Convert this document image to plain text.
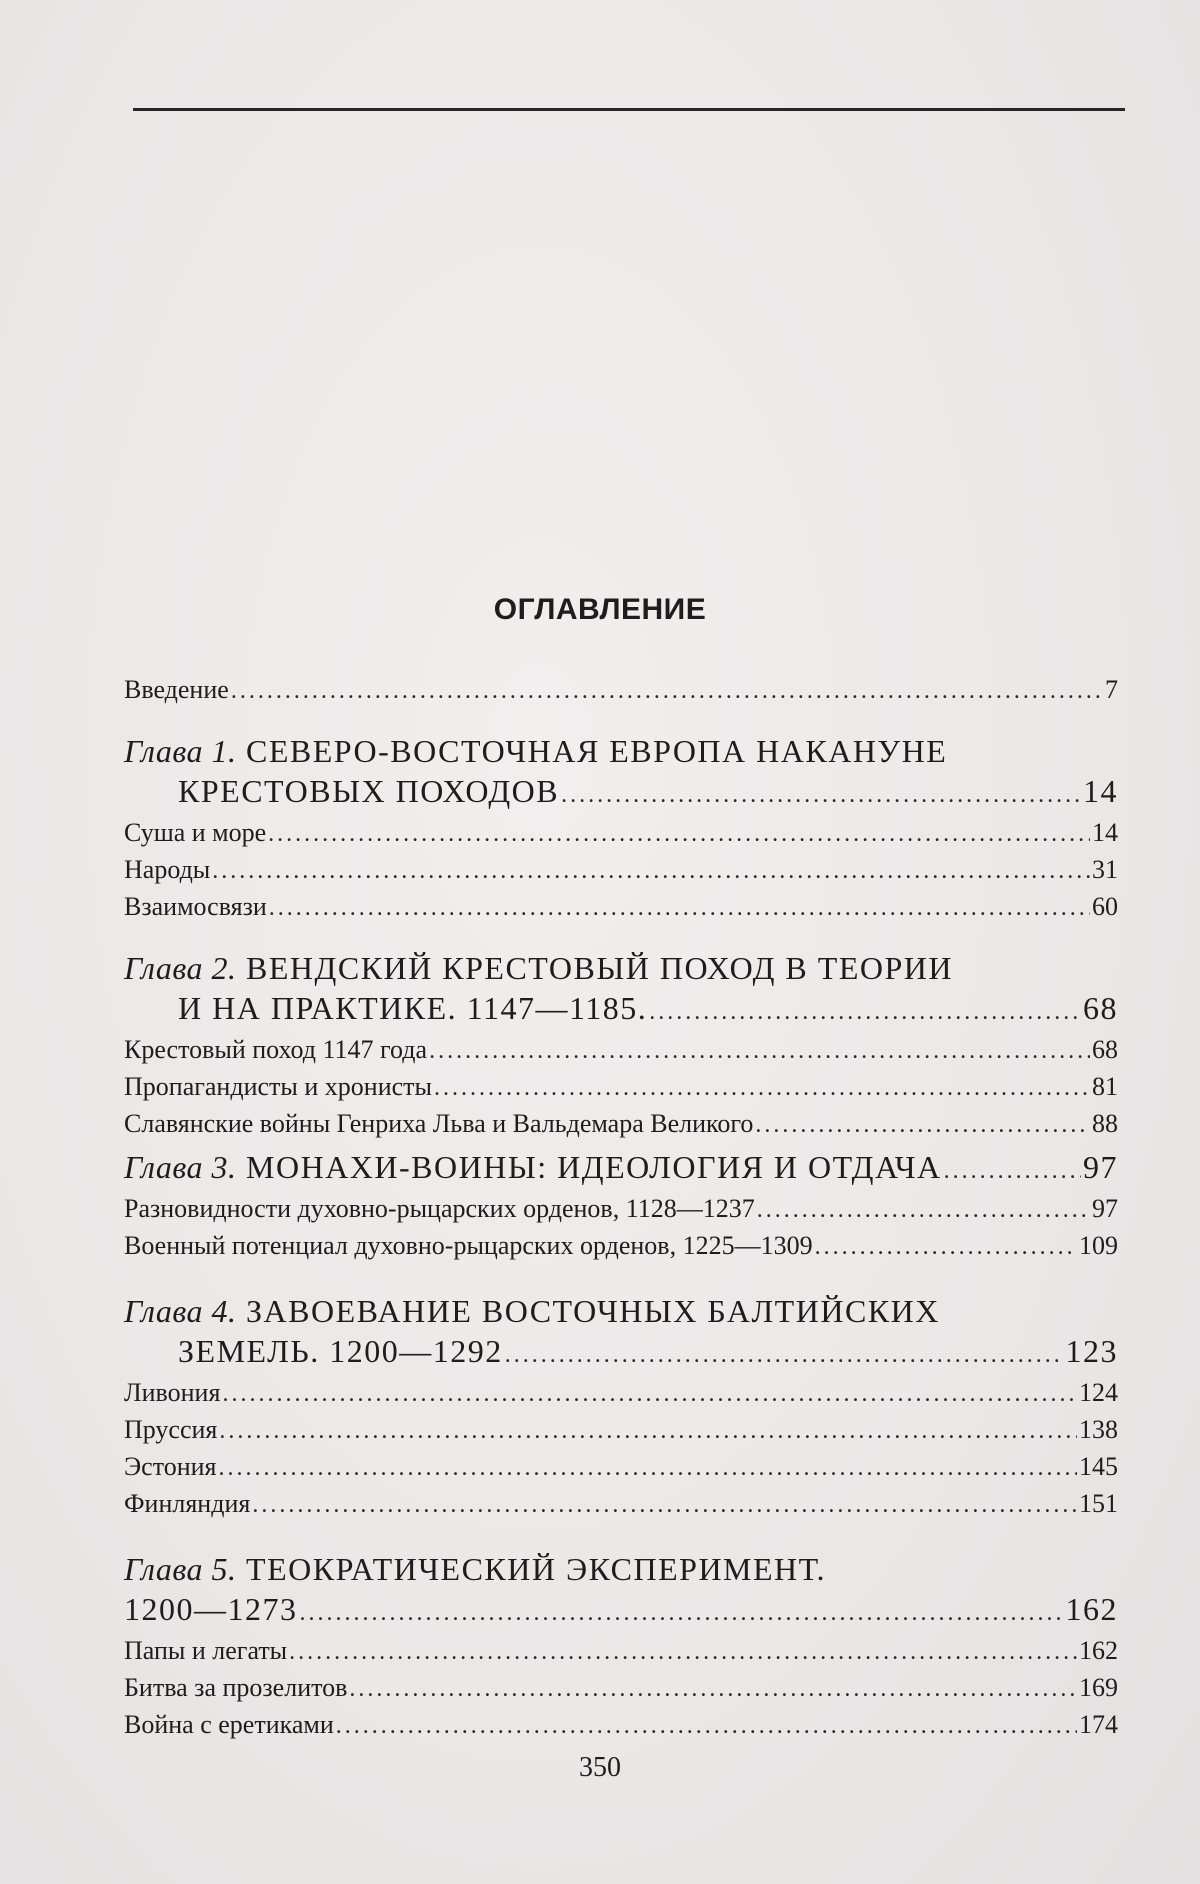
ОГЛАВЛЕНИЕ
Введение .....	7
Глава 1. СЕВЕРО-ВОСТОЧНАЯ ЕВРОПА НАКАНУНЕ
КРЕСТОВЫХ ПОХОДОВ .....	14
Суша и море .....	14
Народы .....	31
Взаимосвязи .....	60
Глава 2. ВЕНДСКИЙ КРЕСТОВЫЙ ПОХОД В ТЕОРИИ
И НА ПРАКТИКЕ. 1147—1185. .....	68
Крестовый поход 1147 года .....	68
Пропагандисты и хронисты .....	81
Славянские войны Генриха Льва и Вальдемара Великого .....	88
Глава 3. МОНАХИ-ВОИНЫ: ИДЕОЛОГИЯ И ОТДАЧА .....	97
Разновидности духовно-рыцарских орденов, 1128—1237 .....	97
Военный потенциал духовно-рыцарских орденов, 1225—1309 .....	109
Глава 4. ЗАВОЕВАНИЕ ВОСТОЧНЫХ БАЛТИЙСКИХ
ЗЕМЕЛЬ. 1200—1292 .....	123
Ливония .....	124
Пруссия .....	138
Эстония .....	145
Финляндия .....	151
Глава 5. ТЕОКРАТИЧЕСКИЙ ЭКСПЕРИМЕНТ.
1200—1273 .....	162
Папы и легаты .....	162
Битва за прозелитов .....	169
Война с еретиками .....	174
350
